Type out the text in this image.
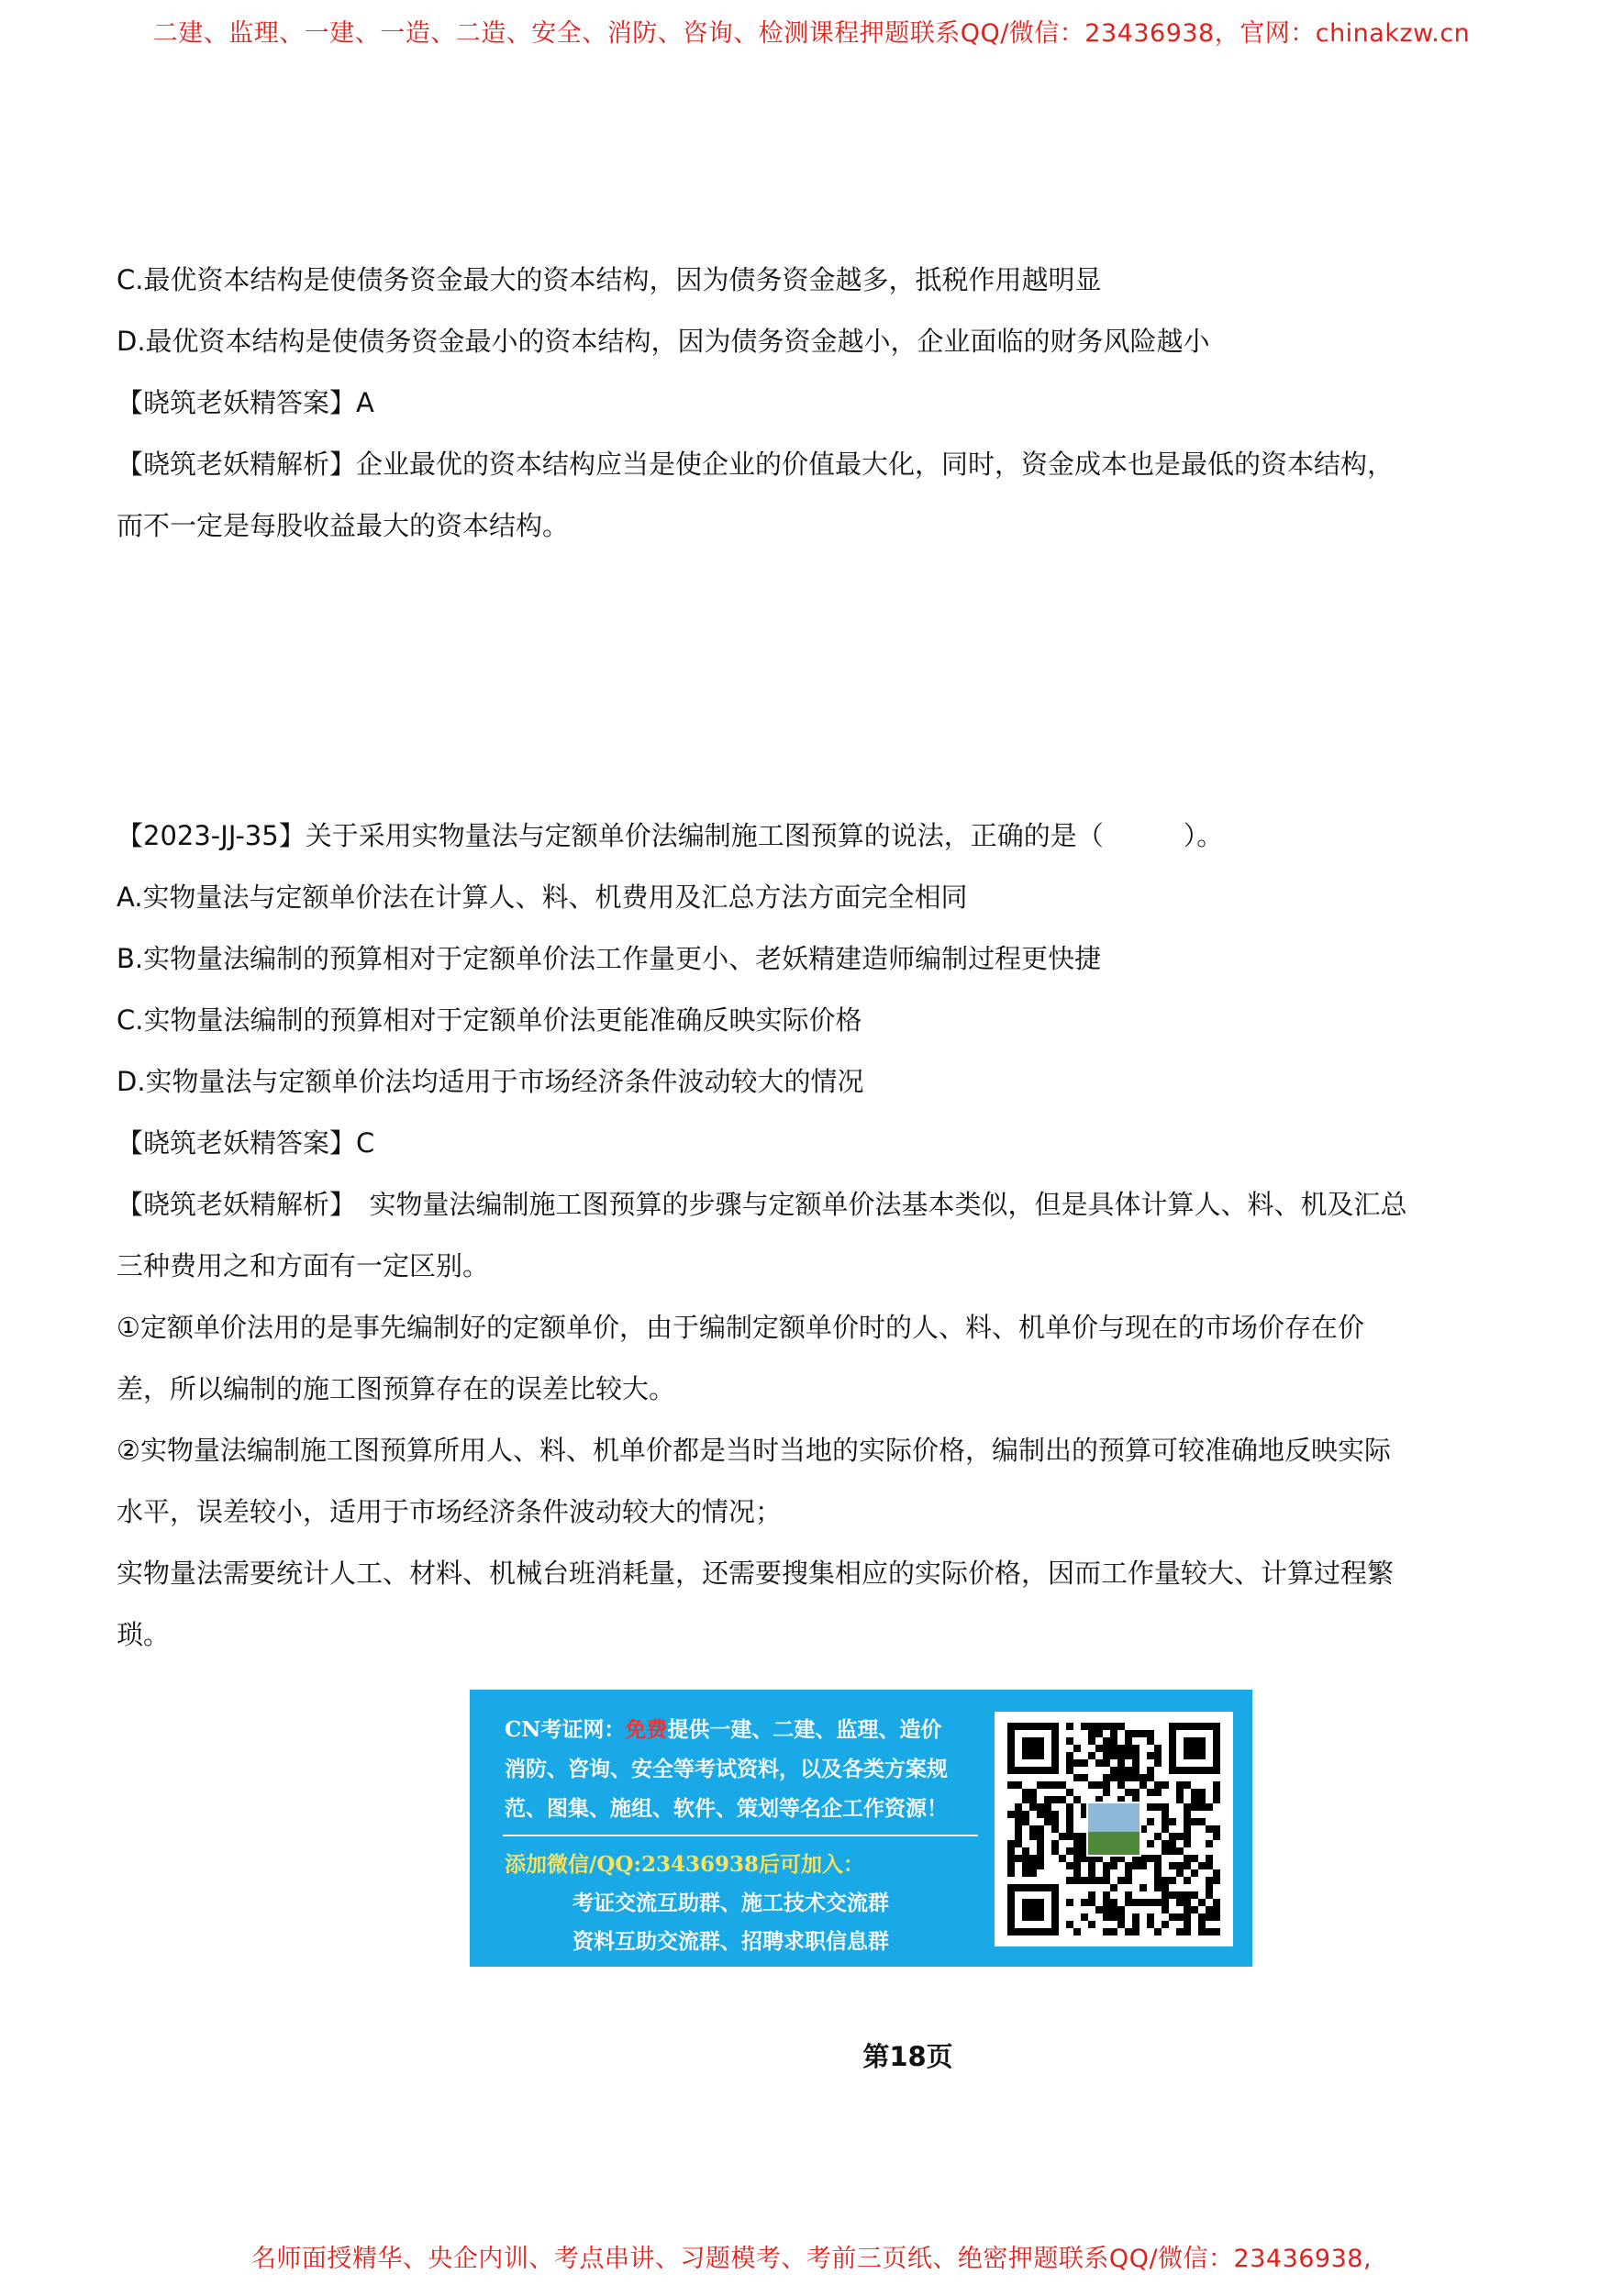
二建、监理、一建、一造、二造、安全、消防、咨询、检测课程押题联系QQ/微信：23436938，官网：chinakzw.cn
C.最优资本结构是使债务资金最大的资本结构，因为债务资金越多，抵税作用越明显
D.最优资本结构是使债务资金最小的资本结构，因为债务资金越小，企业面临的财务风险越小
【晓筑老妖精答案】A
【晓筑老妖精解析】企业最优的资本结构应当是使企业的价值最大化，同时，资金成本也是最低的资本结构，
而不一定是每股收益最大的资本结构。
【2023-JJ-35】关于采用实物量法与定额单价法编制施工图预算的说法，正确的是（　　　）。
A.实物量法与定额单价法在计算人、料、机费用及汇总方法方面完全相同
B.实物量法编制的预算相对于定额单价法工作量更小、老妖精建造师编制过程更快捷
C.实物量法编制的预算相对于定额单价法更能准确反映实际价格
D.实物量法与定额单价法均适用于市场经济条件波动较大的情况
【晓筑老妖精答案】C
【晓筑老妖精解析】　实物量法编制施工图预算的步骤与定额单价法基本类似，但是具体计算人、料、机及汇总
三种费用之和方面有一定区别。
①定额单价法用的是事先编制好的定额单价，由于编制定额单价时的人、料、机单价与现在的市场价存在价
差，所以编制的施工图预算存在的误差比较大。
②实物量法编制施工图预算所用人、料、机单价都是当时当地的实际价格，编制出的预算可较准确地反映实际
水平，误差较小，适用于市场经济条件波动较大的情况；
实物量法需要统计人工、材料、机械台班消耗量，还需要搜集相应的实际价格，因而工作量较大、计算过程繁
琐。
CN考证网：免费提供一建、二建、监理、造价
消防、咨询、安全等考试资料，以及各类方案规
范、图集、施组、软件、策划等名企工作资源！
添加微信/QQ:23436938后可加入：
考证交流互助群、施工技术交流群
资料互助交流群、招聘求职信息群
第18页
名师面授精华、央企内训、考点串讲、习题模考、考前三页纸、绝密押题联系QQ/微信：23436938,
